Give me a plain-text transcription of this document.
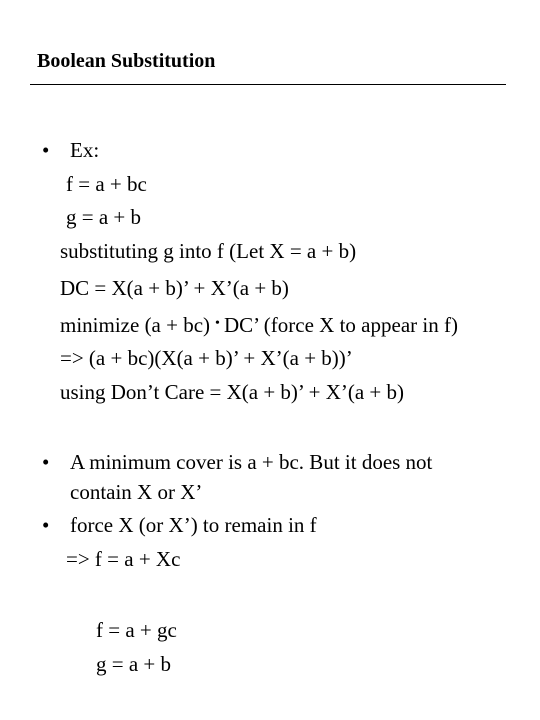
Boolean Substitution
• Ex:
f = a + bc
g = a + b
substituting g into f (Let X = a + b)
DC = X(a + b)’ + X’(a + b)
minimize (a + bc) • DC’ (force X to appear in f)
=> (a + bc)(X(a + b)’ + X’(a + b))’
using Don’t Care = X(a + b)’ + X’(a + b)
• A minimum cover is a + bc. But it does not
contain X or X’
• force X (or X’) to remain in f
=> f = a + Xc
f = a + gc
g = a + b
